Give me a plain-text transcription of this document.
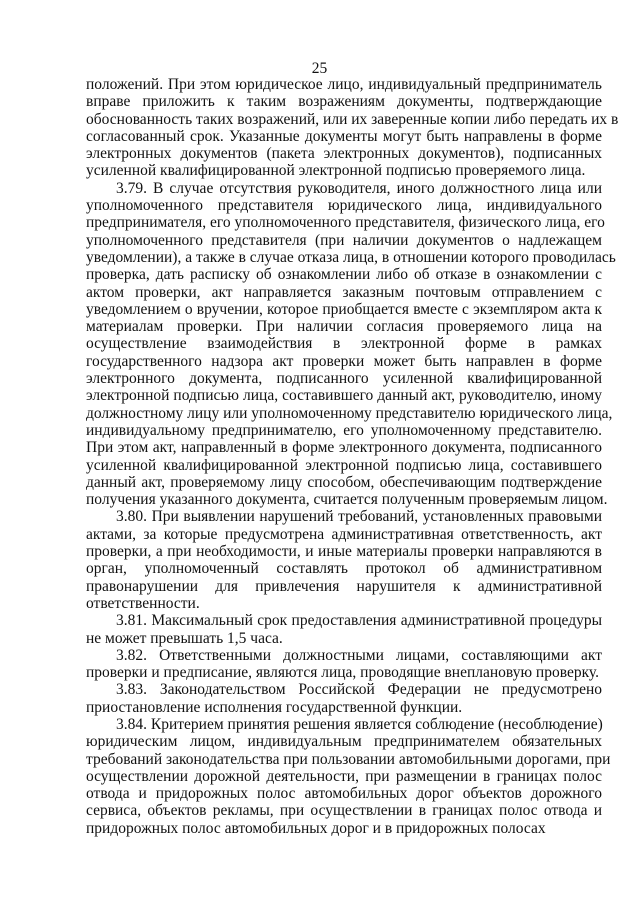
25
положений. При этом юридическое лицо, индивидуальный предприниматель
вправе приложить к таким возражениям документы, подтверждающие
обоснованность таких возражений, или их заверенные копии либо передать их в
согласованный срок. Указанные документы могут быть направлены в форме
электронных документов (пакета электронных документов), подписанных
усиленной квалифицированной электронной подписью проверяемого лица.
3.79. В случае отсутствия руководителя, иного должностного лица или
уполномоченного представителя юридического лица, индивидуального
предпринимателя, его уполномоченного представителя, физического лица, его
уполномоченного представителя (при наличии документов о надлежащем
уведомлении), а также в случае отказа лица, в отношении которого проводилась
проверка, дать расписку об ознакомлении либо об отказе в ознакомлении с
актом проверки, акт направляется заказным почтовым отправлением с
уведомлением о вручении, которое приобщается вместе с экземпляром акта к
материалам проверки. При наличии согласия проверяемого лица на
осуществление взаимодействия в электронной форме в рамках
государственного надзора акт проверки может быть направлен в форме
электронного документа, подписанного усиленной квалифицированной
электронной подписью лица, составившего данный акт, руководителю, иному
должностному лицу или уполномоченному представителю юридического лица,
индивидуальному предпринимателю, его уполномоченному представителю.
При этом акт, направленный в форме электронного документа, подписанного
усиленной квалифицированной электронной подписью лица, составившего
данный акт, проверяемому лицу способом, обеспечивающим подтверждение
получения указанного документа, считается полученным проверяемым лицом.
3.80. При выявлении нарушений требований, установленных правовыми
актами, за которые предусмотрена административная ответственность, акт
проверки, а при необходимости, и иные материалы проверки направляются в
орган, уполномоченный составлять протокол об административном
правонарушении для привлечения нарушителя к административной
ответственности.
3.81. Максимальный срок предоставления административной процедуры
не может превышать 1,5 часа.
3.82. Ответственными должностными лицами, составляющими акт
проверки и предписание, являются лица, проводящие внеплановую проверку.
3.83. Законодательством Российской Федерации не предусмотрено
приостановление исполнения государственной функции.
3.84. Критерием принятия решения является соблюдение (несоблюдение)
юридическим лицом, индивидуальным предпринимателем обязательных
требований законодательства при пользовании автомобильными дорогами, при
осуществлении дорожной деятельности, при размещении в границах полос
отвода и придорожных полос автомобильных дорог объектов дорожного
сервиса, объектов рекламы, при осуществлении в границах полос отвода и
придорожных полос автомобильных дорог и в придорожных полосах
